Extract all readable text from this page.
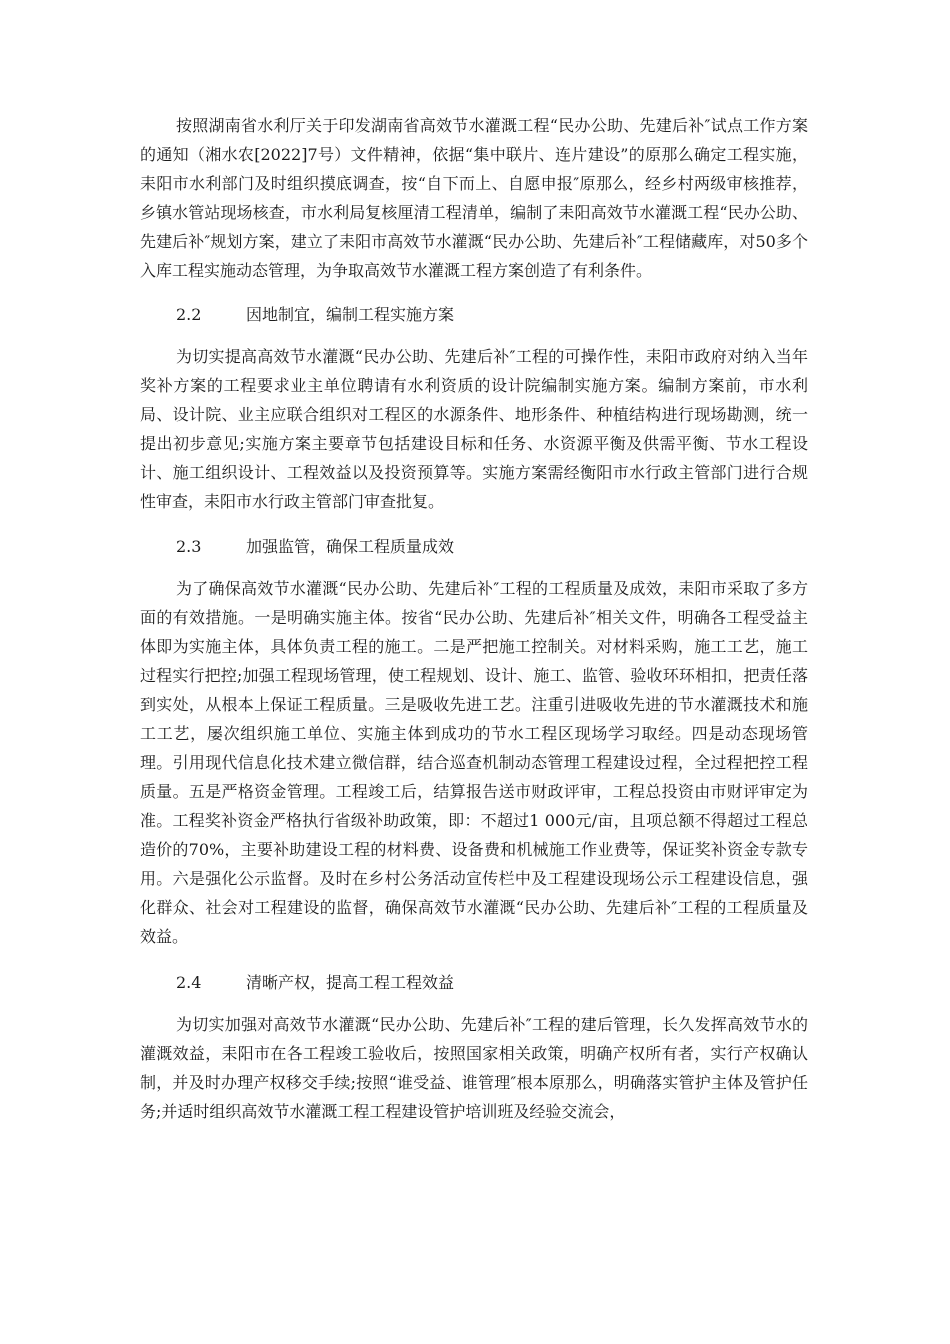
按照湖南省水利厅关于印发湖南省高效节水灌溉工程“民办公助、先建后补″试点工作方案的通知（湘水农[2022]7号）文件精神，依据“集中联片、连片建设”的原那么确定工程实施，耒阳市水利部门及时组织摸底调查，按“自下而上、自愿申报″原那么，经乡村两级审核推荐，乡镇水管站现场核查，市水利局复核厘清工程清单，编制了耒阳高效节水灌溉工程“民办公助、先建后补″规划方案，建立了耒阳市高效节水灌溉“民办公助、先建后补″工程储藏库，对50多个入库工程实施动态管理，为争取高效节水灌溉工程方案创造了有利条件。

2.2	因地制宜，编制工程实施方案

为切实提高高效节水灌溉“民办公助、先建后补″工程的可操作性，耒阳市政府对纳入当年奖补方案的工程要求业主单位聘请有水利资质的设计院编制实施方案。编制方案前，市水利局、设计院、业主应联合组织对工程区的水源条件、地形条件、种植结构进行现场勘测，统一提出初步意见;实施方案主要章节包括建设目标和任务、水资源平衡及供需平衡、节水工程设计、施工组织设计、工程效益以及投资预算等。实施方案需经衡阳市水行政主管部门进行合规性审查，耒阳市水行政主管部门审查批复。

2.3	加强监管，确保工程质量成效

为了确保高效节水灌溉“民办公助、先建后补″工程的工程质量及成效，耒阳市采取了多方面的有效措施。一是明确实施主体。按省“民办公助、先建后补″相关文件，明确各工程受益主体即为实施主体，具体负责工程的施工。二是严把施工控制关。对材料采购，施工工艺，施工过程实行把控;加强工程现场管理，使工程规划、设计、施工、监管、验收环环相扣，把责任落到实处，从根本上保证工程质量。三是吸收先进工艺。注重引进吸收先进的节水灌溉技术和施工工艺，屡次组织施工单位、实施主体到成功的节水工程区现场学习取经。四是动态现场管理。引用现代信息化技术建立微信群，结合巡查机制动态管理工程建设过程，全过程把控工程质量。五是严格资金管理。工程竣工后，结算报告送市财政评审，工程总投资由市财评审定为准。工程奖补资金严格执行省级补助政策，即：不超过1 000元/亩，且项总额不得超过工程总造价的70%，主要补助建设工程的材料费、设备费和机械施工作业费等，保证奖补资金专款专用。六是强化公示监督。及时在乡村公务活动宣传栏中及工程建设现场公示工程建设信息，强化群众、社会对工程建设的监督，确保高效节水灌溉“民办公助、先建后补″工程的工程质量及效益。

2.4	清晰产权，提高工程工程效益

为切实加强对高效节水灌溉“民办公助、先建后补″工程的建后管理，长久发挥高效节水的灌溉效益，耒阳市在各工程竣工验收后，按照国家相关政策，明确产权所有者，实行产权确认制，并及时办理产权移交手续;按照“谁受益、谁管理″根本原那么，明确落实管护主体及管护任务;并适时组织高效节水灌溉工程工程建设管护培训班及经验交流会，
